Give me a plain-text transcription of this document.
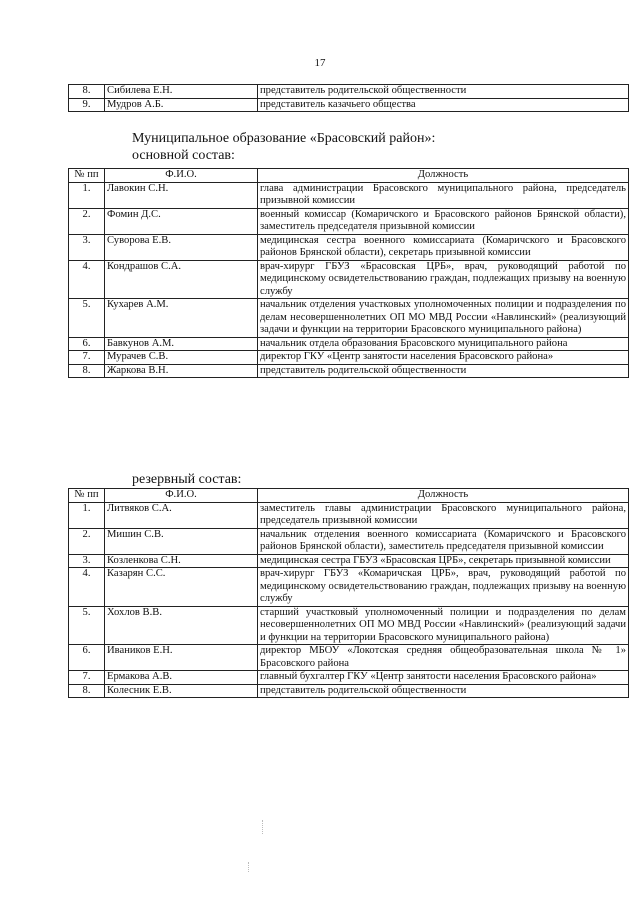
17
8.	Сибилева Е.Н.	представитель родительской общественности
9.	Мудров А.Б.	представитель казачьего общества
Муниципальное образование «Брасовский район»:
основной состав:
№ пп	Ф.И.О.	Должность
1.	Лавокин С.Н.	глава администрации Брасовского муниципального района, председатель призывной комиссии
2.	Фомин Д.С.	военный комиссар (Комаричского и Брасовского районов Брянской области), заместитель председателя призывной комиссии
3.	Суворова Е.В.	медицинская сестра военного комиссариата (Комаричского и Брасовского районов Брянской области), секретарь призывной комиссии
4.	Кондрашов С.А.	врач-хирург ГБУЗ «Брасовская ЦРБ», врач, руководящий работой по медицинскому освидетельствованию граждан, подлежащих призыву на военную службу
5.	Кухарев А.М.	начальник отделения участковых уполномоченных полиции и подразделения по делам несовершеннолетних ОП МО МВД России «Навлинский» (реализующий задачи и функции на территории Брасовского муниципального района)
6.	Бавкунов А.М.	начальник отдела образования Брасовского муниципального района
7.	Мурачев С.В.	директор ГКУ «Центр занятости населения Брасовского района»
8.	Жаркова В.Н.	представитель родительской общественности
резервный состав:
№ пп	Ф.И.О.	Должность
1.	Литвяков С.А.	заместитель главы администрации Брасовского муниципального района, председатель призывной комиссии
2.	Мишин С.В.	начальник отделения военного комиссариата (Комаричского и Брасовского районов Брянской области), заместитель председателя призывной комиссии
3.	Козленкова С.Н.	медицинская сестра ГБУЗ «Брасовская ЦРБ», секретарь призывной комиссии
4.	Казарян С.С.	врач-хирург ГБУЗ «Комаричская ЦРБ», врач, руководящий работой по медицинскому освидетельствованию граждан, подлежащих призыву на военную службу
5.	Хохлов В.В.	старший участковый уполномоченный полиции и подразделения по делам несовершеннолетних ОП МО МВД России «Навлинский» (реализующий задачи и функции на территории Брасовского муниципального района)
6.	Иваников Е.Н.	директор МБОУ «Локотская средняя общеобразовательная школа № 1» Брасовского района
7.	Ермакова А.В.	главный бухгалтер ГКУ «Центр занятости населения Брасовского района»
8.	Колесник Е.В.	представитель родительской общественности
